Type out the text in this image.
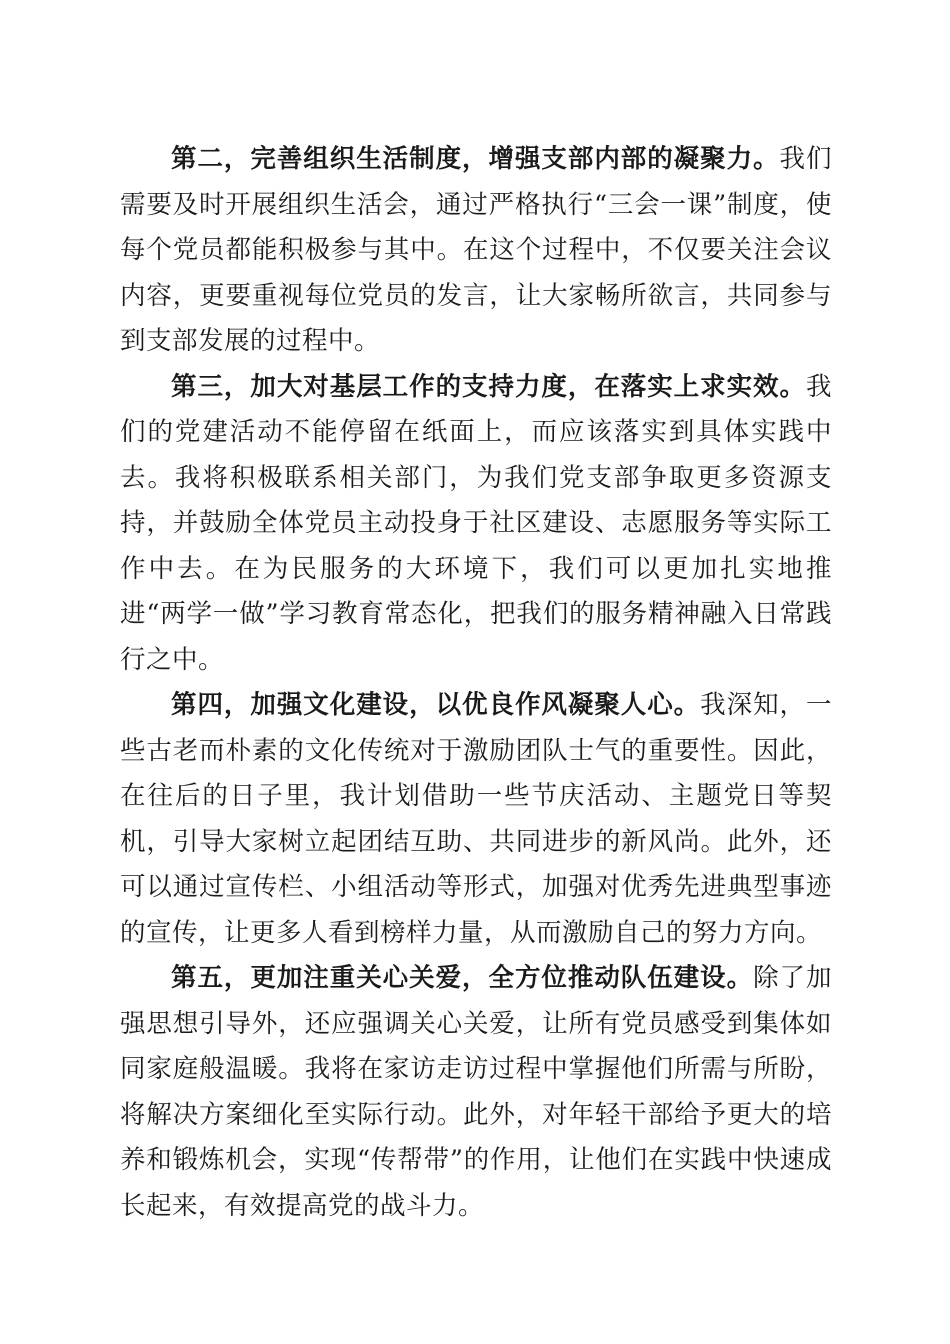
第二，完善组织生活制度，增强支部内部的凝聚力。我们需要及时开展组织生活会，通过严格执行“三会一课”制度，使每个党员都能积极参与其中。在这个过程中，不仅要关注会议内容，更要重视每位党员的发言，让大家畅所欲言，共同参与到支部发展的过程中。

第三，加大对基层工作的支持力度，在落实上求实效。我们的党建活动不能停留在纸面上，而应该落实到具体实践中去。我将积极联系相关部门，为我们党支部争取更多资源支持，并鼓励全体党员主动投身于社区建设、志愿服务等实际工作中去。在为民服务的大环境下，我们可以更加扎实地推进“两学一做”学习教育常态化，把我们的服务精神融入日常践行之中。

第四，加强文化建设，以优良作风凝聚人心。我深知，一些古老而朴素的文化传统对于激励团队士气的重要性。因此，在往后的日子里，我计划借助一些节庆活动、主题党日等契机，引导大家树立起团结互助、共同进步的新风尚。此外，还可以通过宣传栏、小组活动等形式，加强对优秀先进典型事迹的宣传，让更多人看到榜样力量，从而激励自己的努力方向。

第五，更加注重关心关爱，全方位推动队伍建设。除了加强思想引导外，还应强调关心关爱，让所有党员感受到集体如同家庭般温暖。我将在家访走访过程中掌握他们所需与所盼，将解决方案细化至实际行动。此外，对年轻干部给予更大的培养和锻炼机会，实现“传帮带”的作用，让他们在实践中快速成长起来，有效提高党的战斗力。
